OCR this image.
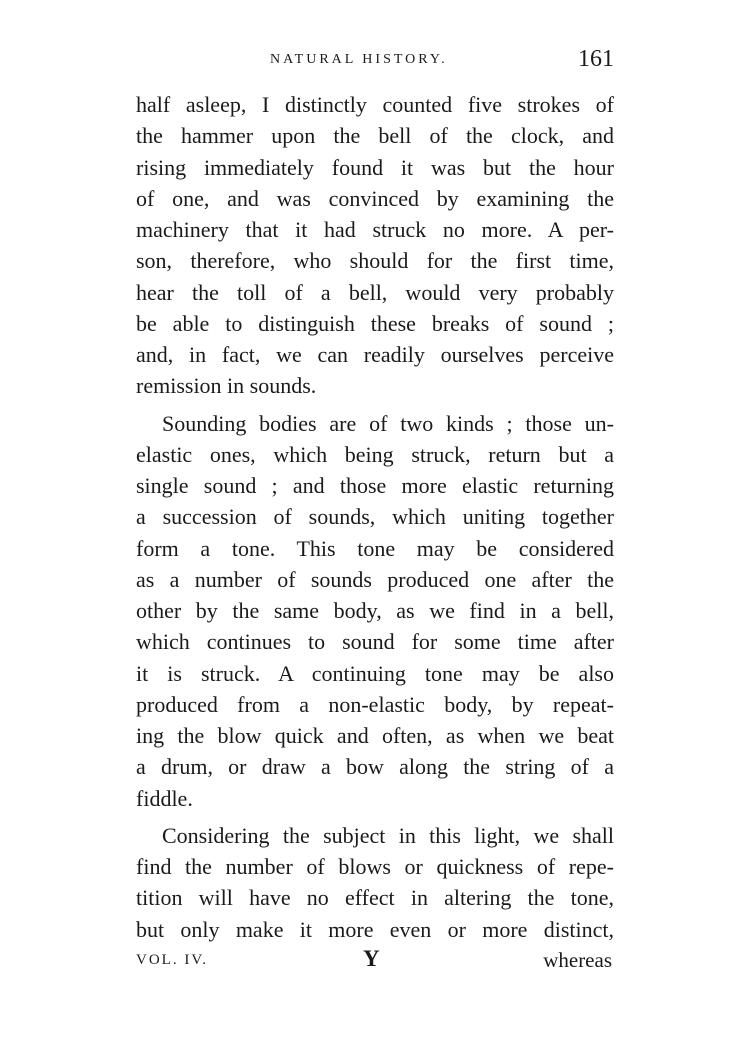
NATURAL HISTORY.	161
half asleep, I distinctly counted five strokes of
the hammer upon the bell of the clock, and
rising immediately found it was but the hour
of one, and was convinced by examining the
machinery that it had struck no more. A per-
son, therefore, who should for the first time,
hear the toll of a bell, would very probably
be able to distinguish these breaks of sound ;
and, in fact, we can readily ourselves perceive
remission in sounds.
Sounding bodies are of two kinds ; those un-
elastic ones, which being struck, return but a
single sound ; and those more elastic returning
a succession of sounds, which uniting together
form a tone. This tone may be considered
as a number of sounds produced one after the
other by the same body, as we find in a bell,
which continues to sound for some time after
it is struck. A continuing tone may be also
produced from a non-elastic body, by repeat-
ing the blow quick and often, as when we beat
a drum, or draw a bow along the string of a
fiddle.
Considering the subject in this light, we shall
find the number of blows or quickness of repe-
tition will have no effect in altering the tone,
but only make it more even or more distinct,
VOL. IV.	Y	whereas
